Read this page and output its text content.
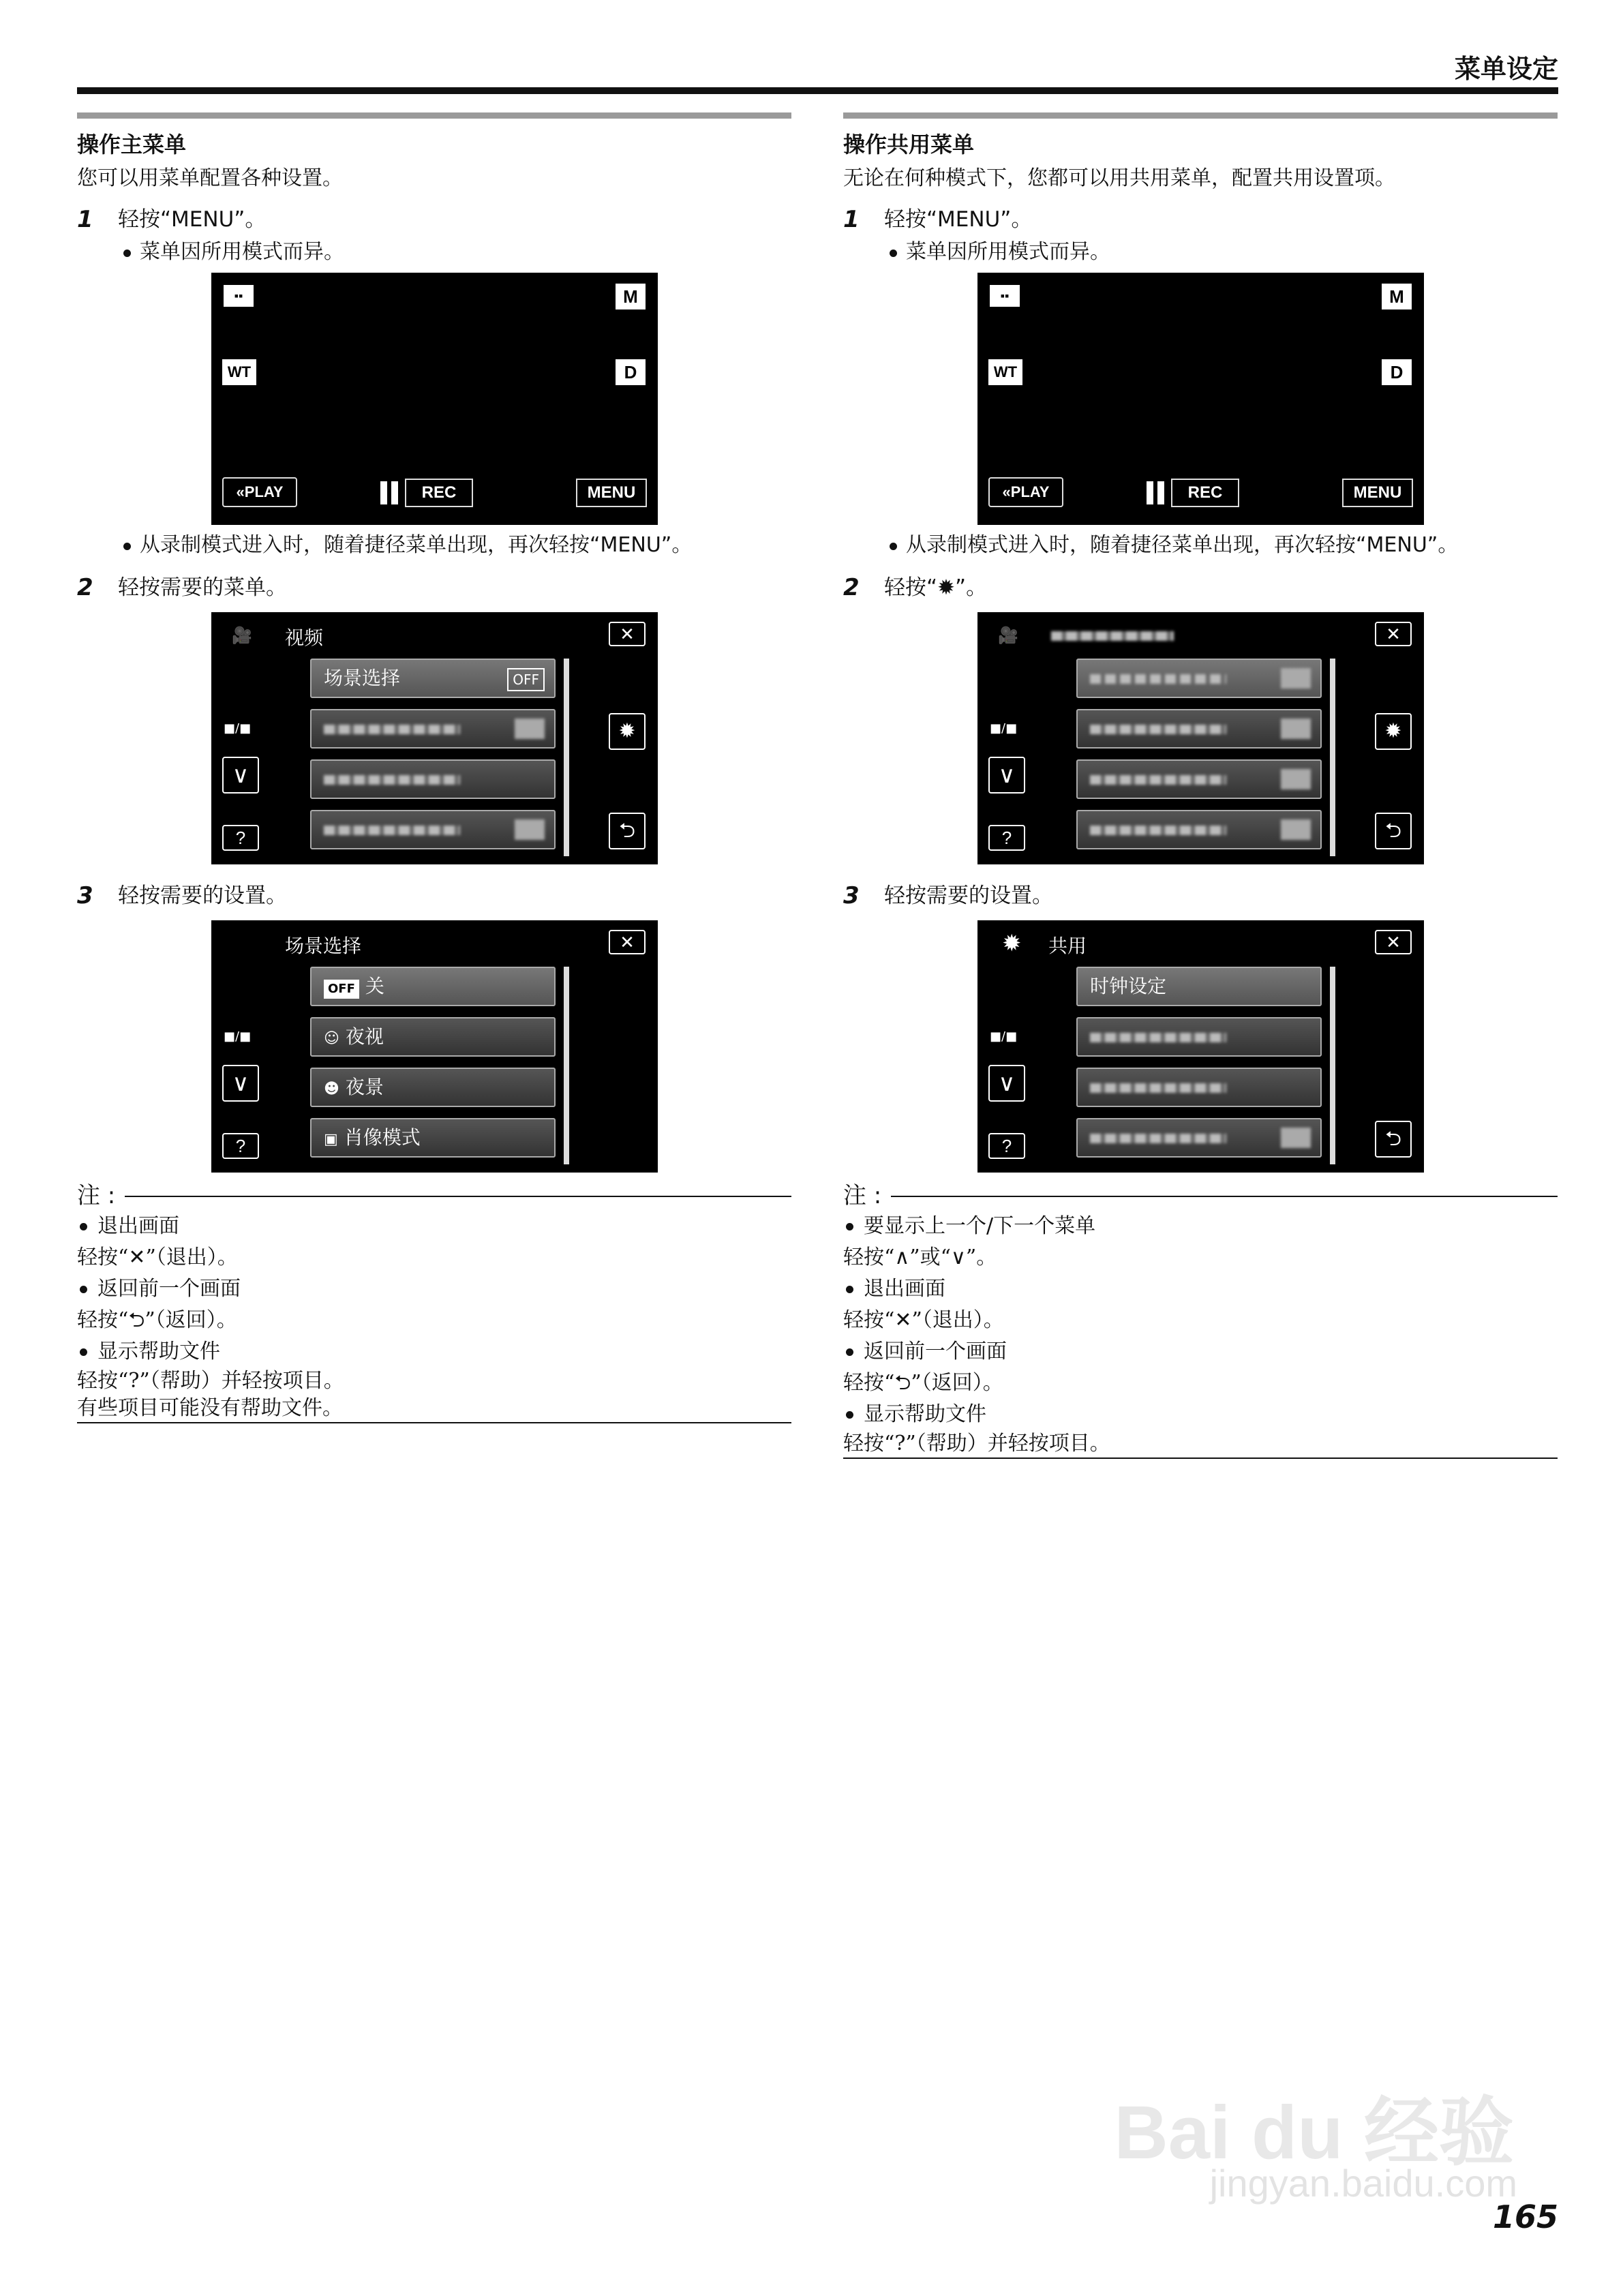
菜单设定
操作主菜单
您可以用菜单配置各种设置。
1 轻按“MENU”。
菜单因所用模式而异。
▪▪	M
WT	D
«PLAY	REC	MENU
从录制模式进入时，随着捷径菜单出现，再次轻按“MENU”。
2 轻按需要的菜单。
🎥 视频	✕
场景选择	OFF
■/■
∨
?
✹
⮌
3 轻按需要的设置。
场景选择	✕
OFF 关
☺ 夜视
☻ 夜景
▣ 肖像模式
■/■
∨
?
注 :
退出画面
轻按“✕”（退出）。
返回前一个画面
轻按“⮌”（返回）。
显示帮助文件
轻按“?”（帮助）并轻按项目。
有些项目可能没有帮助文件。
操作共用菜单
无论在何种模式下，您都可以用共用菜单，配置共用设置项。
1 轻按“MENU”。
菜单因所用模式而异。
▪▪	M
WT	D
«PLAY	REC	MENU
从录制模式进入时，随着捷径菜单出现，再次轻按“MENU”。
2 轻按“✹”。
🎥	✕
■/■
∨
?
✹
⮌
3 轻按需要的设置。
✹ 共用	✕
时钟设定
■/■
∨
?	⮌
注 :
要显示上一个/下一个菜单
轻按“∧”或“∨”。
退出画面
轻按“✕”（退出）。
返回前一个画面
轻按“⮌”（返回）。
显示帮助文件
轻按“?”（帮助）并轻按项目。
Bai du 经验
jingyan.baidu.com
165
